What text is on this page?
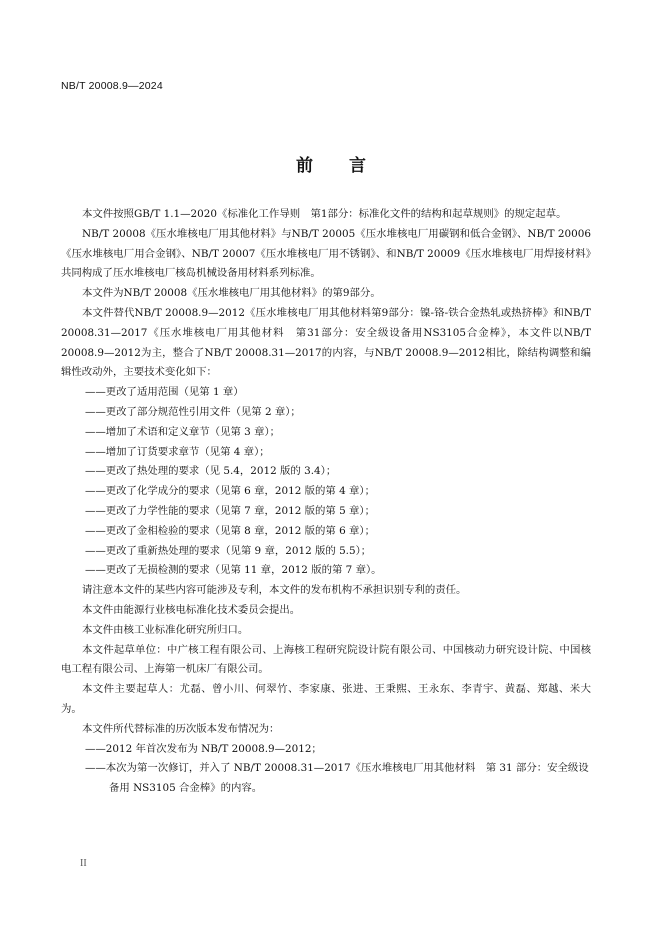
NB/T 20008.9—2024
前言

本文件按照GB/T 1.1—2020《标准化工作导则　第1部分：标准化文件的结构和起草规则》的规定起草。

NB/T 20008《压水堆核电厂用其他材料》与NB/T 20005《压水堆核电厂用碳钢和低合金钢》、NB/T 20006《压水堆核电厂用合金钢》、NB/T 20007《压水堆核电厂用不锈钢》、和NB/T 20009《压水堆核电厂用焊接材料》共同构成了压水堆核电厂核岛机械设备用材料系列标准。

本文件为NB/T 20008《压水堆核电厂用其他材料》的第9部分。

本文件替代NB/T 20008.9—2012《压水堆核电厂用其他材料第9部分：镍-铬-铁合金热轧或热挤棒》和NB/T 20008.31—2017《压水堆核电厂用其他材料　第31部分：安全级设备用NS3105合金棒》，本文件以NB/T 20008.9—2012为主，整合了NB/T 20008.31—2017的内容，与NB/T 20008.9—2012相比，除结构调整和编辑性改动外，主要技术变化如下：

——更改了适用范围（见第 1 章）

——更改了部分规范性引用文件（见第 2 章）；

——增加了术语和定义章节（见第 3 章）；

——增加了订货要求章节（见第 4 章）；

——更改了热处理的要求（见 5.4，2012 版的 3.4）；

——更改了化学成分的要求（见第 6 章，2012 版的第 4 章）；

——更改了力学性能的要求（见第 7 章，2012 版的第 5 章）；

——更改了金相检验的要求（见第 8 章，2012 版的第 6 章）；

——更改了重新热处理的要求（见第 9 章，2012 版的 5.5）；

——更改了无损检测的要求（见第 11 章，2012 版的第 7 章）。

请注意本文件的某些内容可能涉及专利，本文件的发布机构不承担识别专利的责任。

本文件由能源行业核电标准化技术委员会提出。

本文件由核工业标准化研究所归口。

本文件起草单位：中广核工程有限公司、上海核工程研究院设计院有限公司、中国核动力研究设计院、中国核电工程有限公司、上海第一机床厂有限公司。

本文件主要起草人：尤磊、曾小川、何翠竹、李家康、张进、王秉熙、王永东、李青宇、黄磊、郑越、米大为。

本文件所代替标准的历次版本发布情况为：

——2012 年首次发布为 NB/T 20008.9—2012；

——本次为第一次修订，并入了 NB/T 20008.31—2017《压水堆核电厂用其他材料　第 31 部分：安全级设备用 NS3105 合金棒》的内容。

II
